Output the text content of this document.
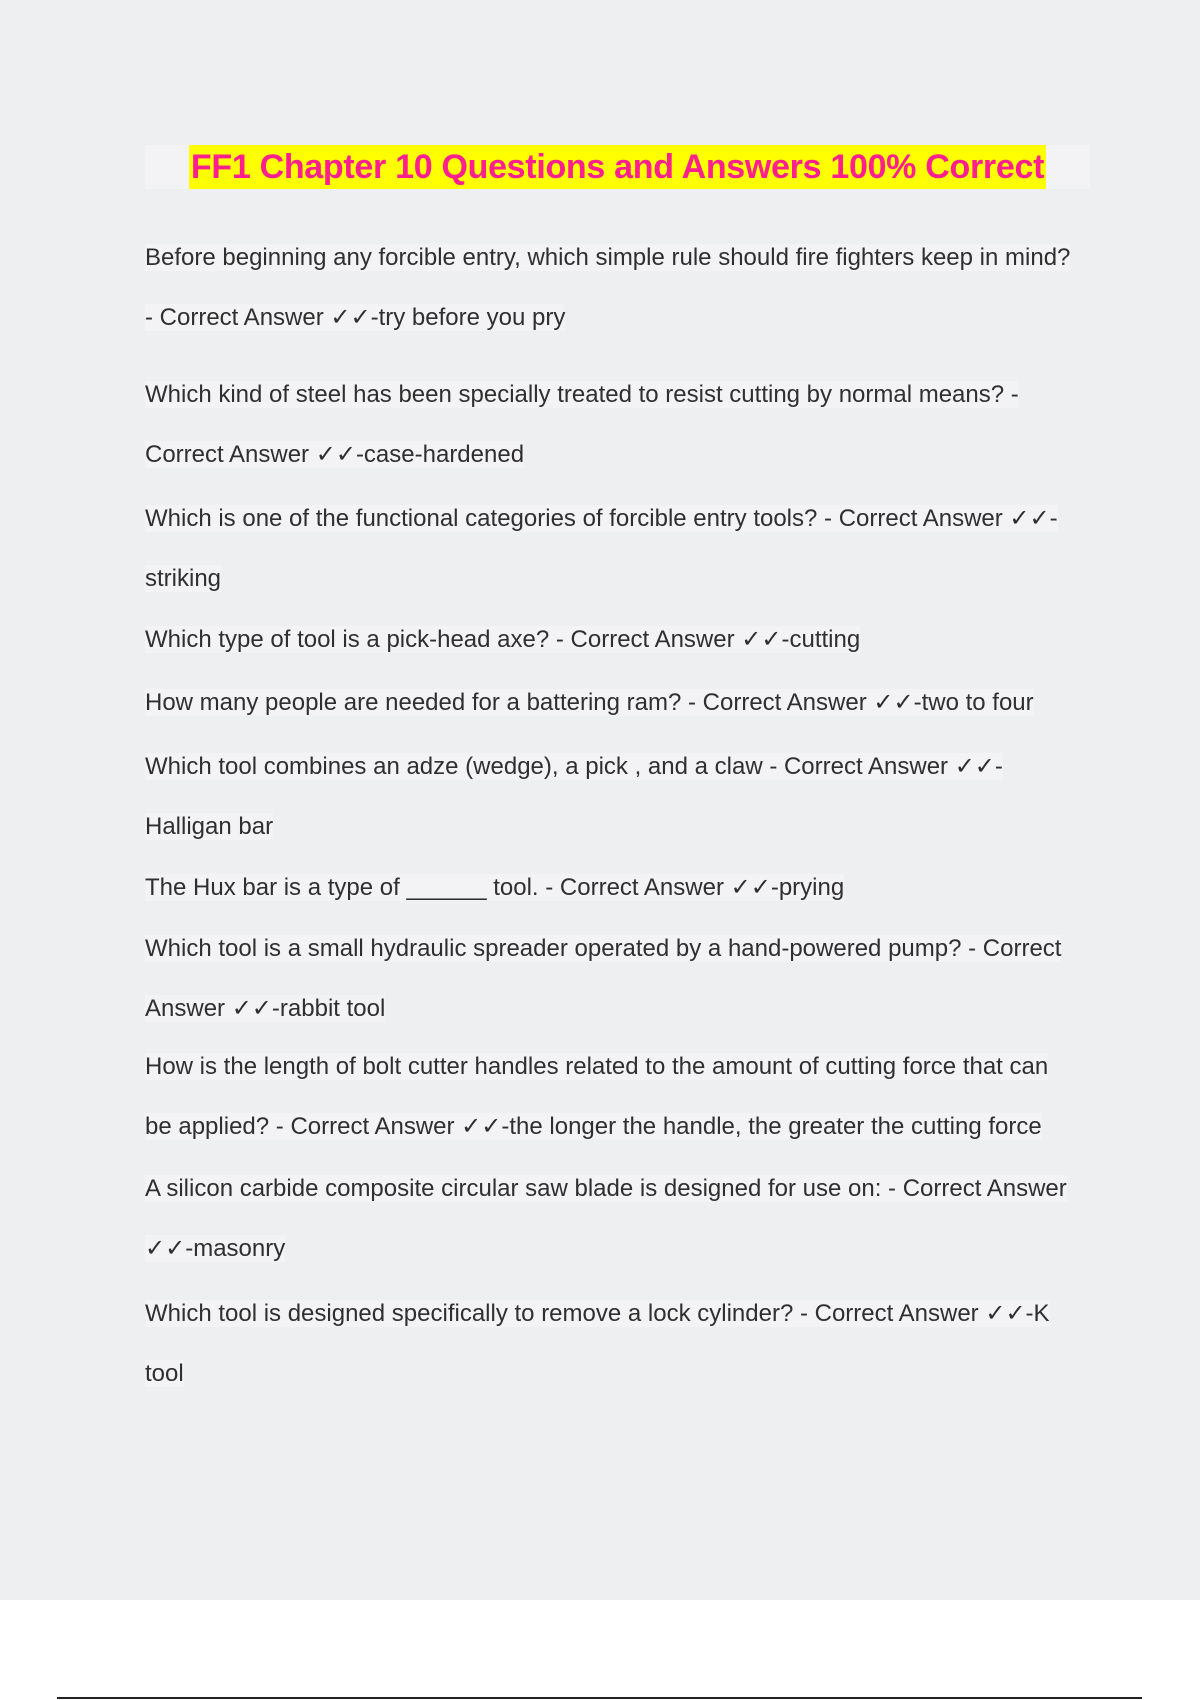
FF1 Chapter 10 Questions and Answers 100% Correct
Before beginning any forcible entry, which simple rule should fire fighters keep in mind?
- Correct Answer ✓✓-try before you pry
Which kind of steel has been specially treated to resist cutting by normal means? -
Correct Answer ✓✓-case-hardened
Which is one of the functional categories of forcible entry tools? - Correct Answer ✓✓-
striking
Which type of tool is a pick-head axe? - Correct Answer ✓✓-cutting
How many people are needed for a battering ram? - Correct Answer ✓✓-two to four
Which tool combines an adze (wedge), a pick , and a claw - Correct Answer ✓✓-
Halligan bar
The Hux bar is a type of ______ tool. - Correct Answer ✓✓-prying
Which tool is a small hydraulic spreader operated by a hand-powered pump? - Correct
Answer ✓✓-rabbit tool
How is the length of bolt cutter handles related to the amount of cutting force that can
be applied? - Correct Answer ✓✓-the longer the handle, the greater the cutting force
A silicon carbide composite circular saw blade is designed for use on: - Correct Answer
✓✓-masonry
Which tool is designed specifically to remove a lock cylinder? - Correct Answer ✓✓-K
tool
